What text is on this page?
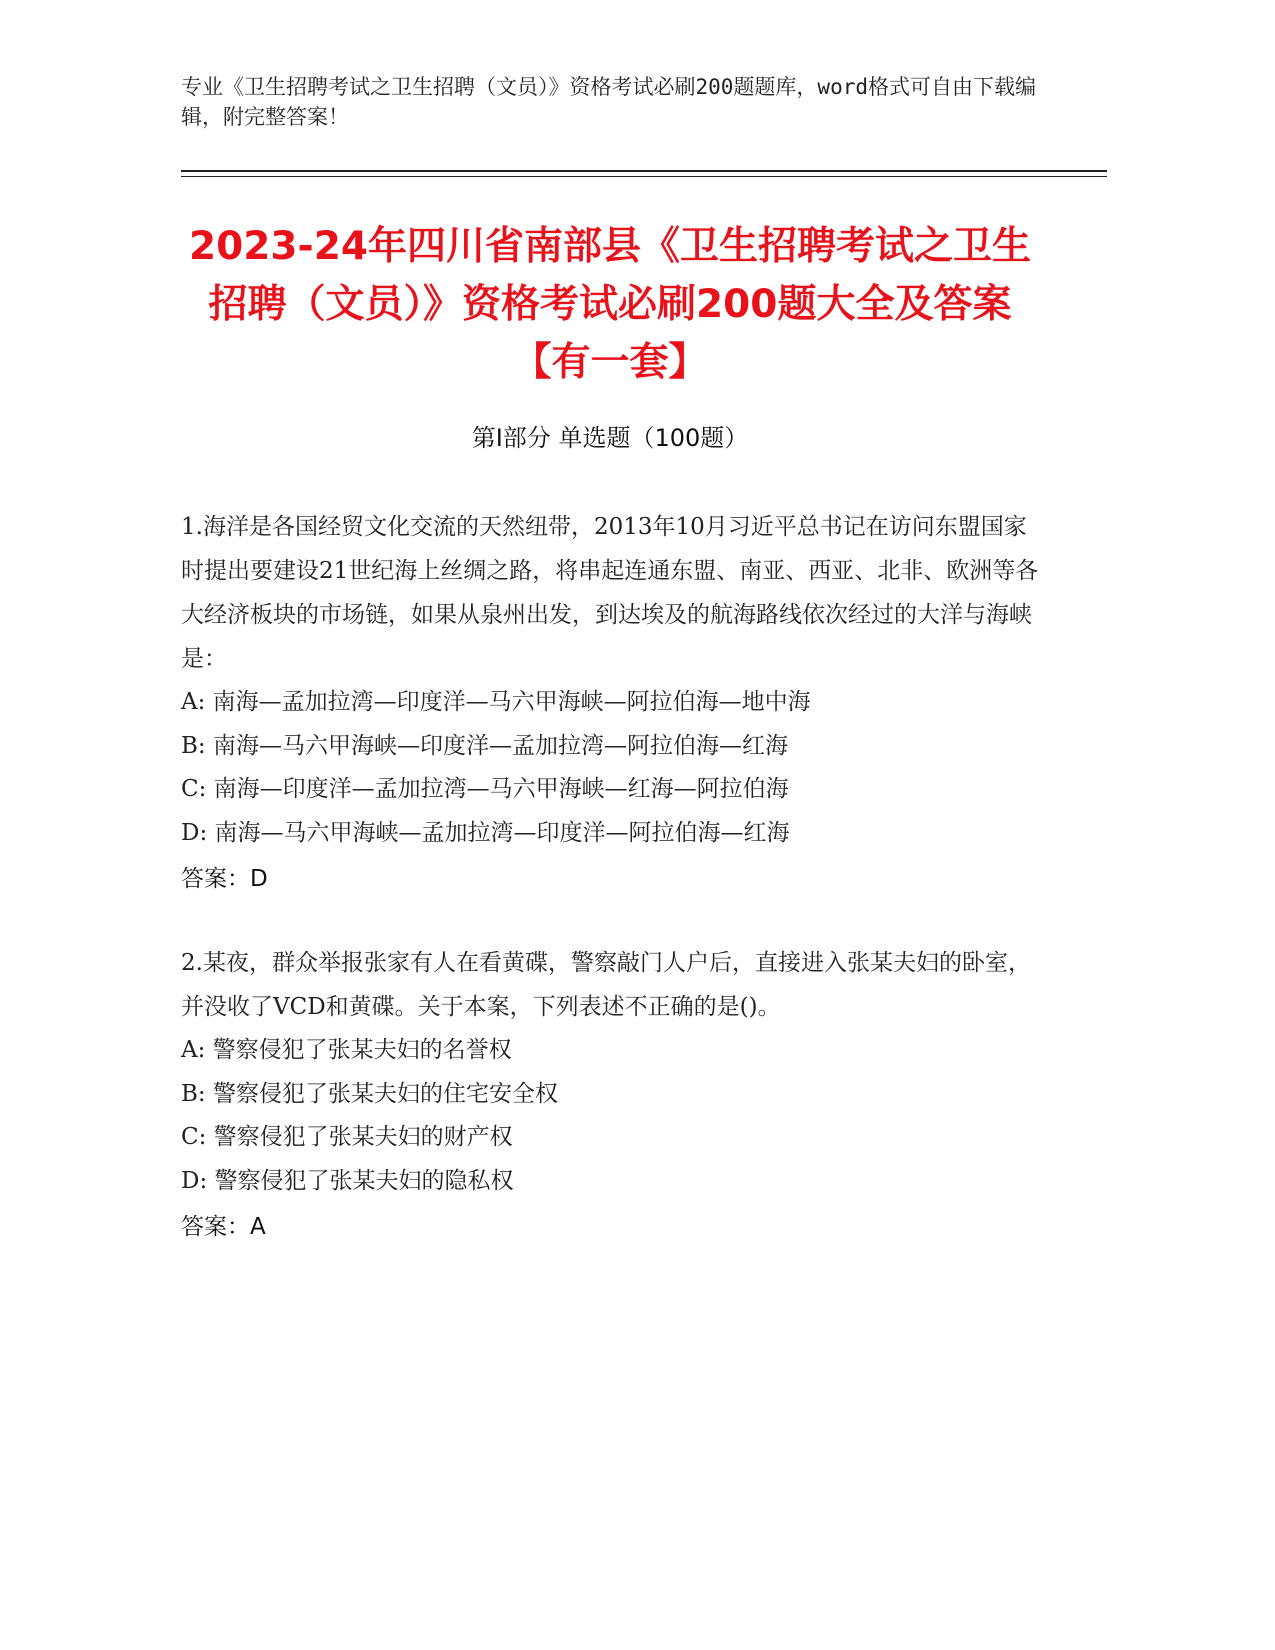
专业《卫生招聘考试之卫生招聘（文员）》资格考试必刷200题题库，word格式可自由下载编辑，附完整答案！
2023-24年四川省南部县《卫生招聘考试之卫生招聘（文员）》资格考试必刷200题大全及答案【有一套】
第Ⅰ部分 单选题（100题）
1.海洋是各国经贸文化交流的天然纽带，2013年10月习近平总书记在访问东盟国家时提出要建设21世纪海上丝绸之路，将串起连通东盟、南亚、西亚、北非、欧洲等各大经济板块的市场链，如果从泉州出发，到达埃及的航海路线依次经过的大洋与海峡是：
A: 南海—孟加拉湾—印度洋—马六甲海峡—阿拉伯海—地中海
B: 南海—马六甲海峡—印度洋—孟加拉湾—阿拉伯海—红海
C: 南海—印度洋—孟加拉湾—马六甲海峡—红海—阿拉伯海
D: 南海—马六甲海峡—孟加拉湾—印度洋—阿拉伯海—红海
答案：D
2.某夜，群众举报张家有人在看黄碟，警察敲门人户后，直接进入张某夫妇的卧室，并没收了VCD和黄碟。关于本案，下列表述不正确的是()。
A: 警察侵犯了张某夫妇的名誉权
B: 警察侵犯了张某夫妇的住宅安全权
C: 警察侵犯了张某夫妇的财产权
D: 警察侵犯了张某夫妇的隐私权
答案：A
